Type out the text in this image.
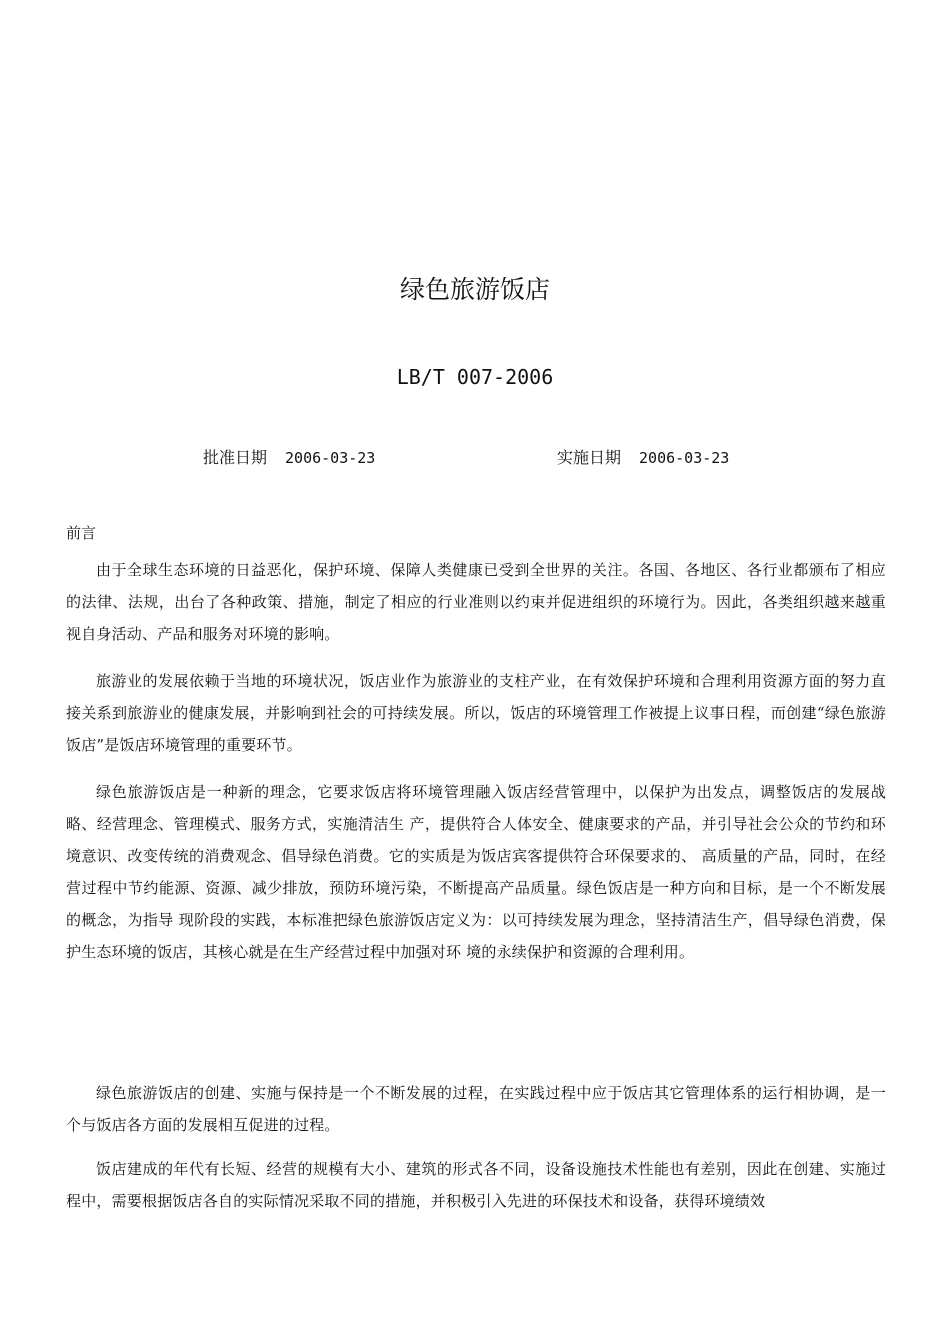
绿色旅游饭店
LB/T 007-2006
批准日期 2006-03-23	实施日期 2006-03-23
前言

由于全球生态环境的日益恶化，保护环境、保障人类健康已受到全世界的关注。各国、各地区、各行业都颁布了相应的法律、法规，出台了各种政策、措施，制定了相应的行业准则以约束并促进组织的环境行为。因此，各类组织越来越重视自身活动、产品和服务对环境的影响。

旅游业的发展依赖于当地的环境状况，饭店业作为旅游业的支柱产业，在有效保护环境和合理利用资源方面的努力直接关系到旅游业的健康发展，并影响到社会的可持续发展。所以，饭店的环境管理工作被提上议事日程，而创建“绿色旅游饭店”是饭店环境管理的重要环节。

绿色旅游饭店是一种新的理念，它要求饭店将环境管理融入饭店经营管理中，以保护为出发点，调整饭店的发展战略、经营理念、管理模式、服务方式，实施清洁生 产，提供符合人体安全、健康要求的产品，并引导社会公众的节约和环境意识、改变传统的消费观念、倡导绿色消费。它的实质是为饭店宾客提供符合环保要求的、 高质量的产品，同时，在经营过程中节约能源、资源、减少排放，预防环境污染，不断提高产品质量。绿色饭店是一种方向和目标，是一个不断发展的概念，为指导 现阶段的实践，本标准把绿色旅游饭店定义为：以可持续发展为理念，坚持清洁生产，倡导绿色消费，保护生态环境的饭店，其核心就是在生产经营过程中加强对环 境的永续保护和资源的合理利用。

绿色旅游饭店的创建、实施与保持是一个不断发展的过程，在实践过程中应于饭店其它管理体系的运行相协调，是一个与饭店各方面的发展相互促进的过程。

饭店建成的年代有长短、经营的规模有大小、建筑的形式各不同，设备设施技术性能也有差别，因此在创建、实施过程中，需要根据饭店各自的实际情况采取不同的措施，并积极引入先进的环保技术和设备，获得环境绩效
